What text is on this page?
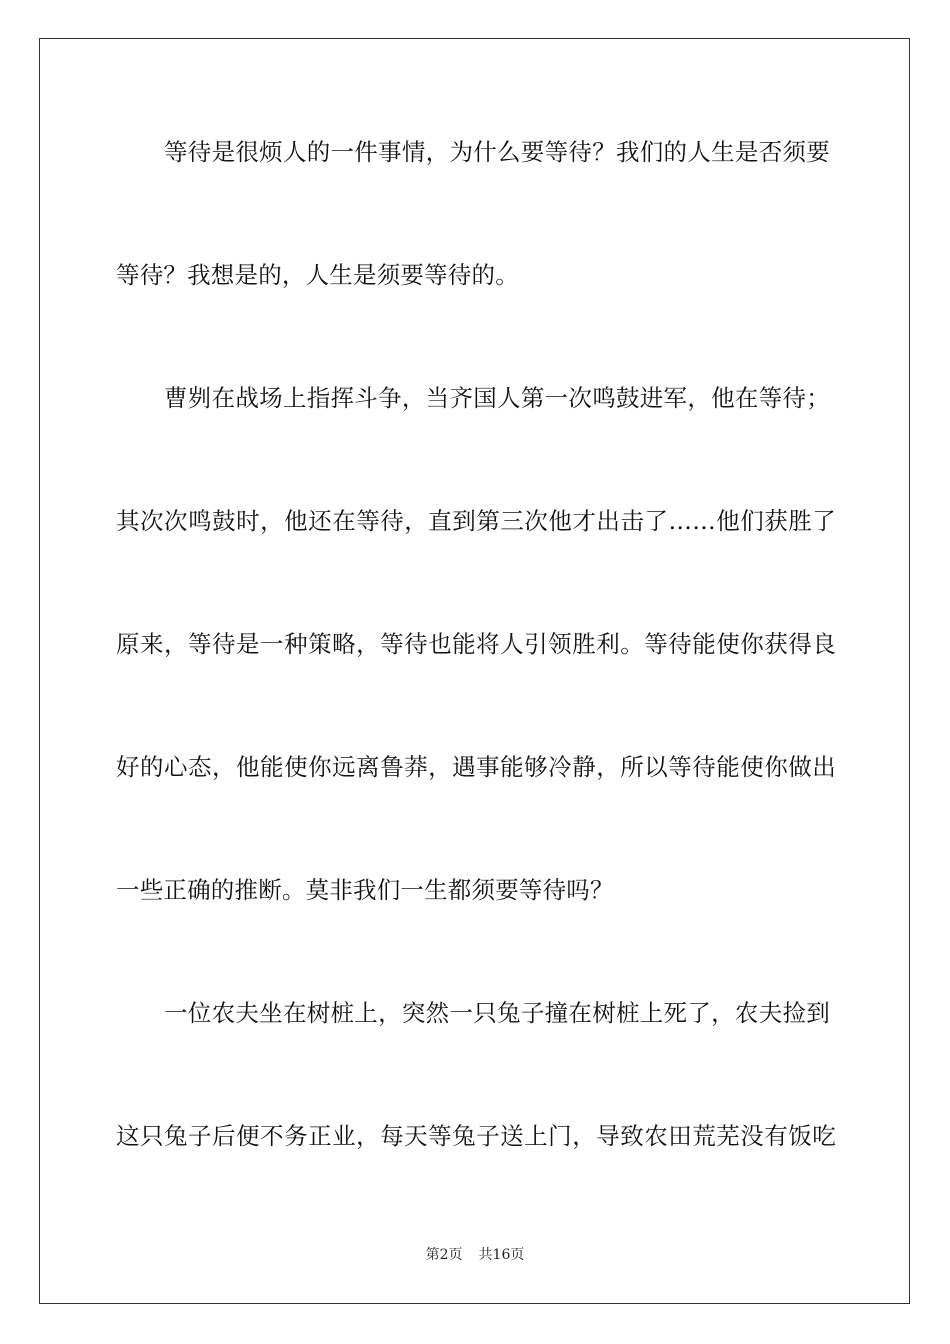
等待是很烦人的一件事情，为什么要等待？我们的人生是否须要
等待？我想是的，人生是须要等待的。
曹刿在战场上指挥斗争，当齐国人第一次鸣鼓进军，他在等待；
其次次鸣鼓时，他还在等待，直到第三次他才出击了……他们获胜了
原来，等待是一种策略，等待也能将人引领胜利。等待能使你获得良
好的心态，他能使你远离鲁莽，遇事能够冷静，所以等待能使你做出
一些正确的推断。莫非我们一生都须要等待吗？
一位农夫坐在树桩上，突然一只兔子撞在树桩上死了，农夫捡到
这只兔子后便不务正业，每天等兔子送上门，导致农田荒芜没有饭吃
第2页 共16页
